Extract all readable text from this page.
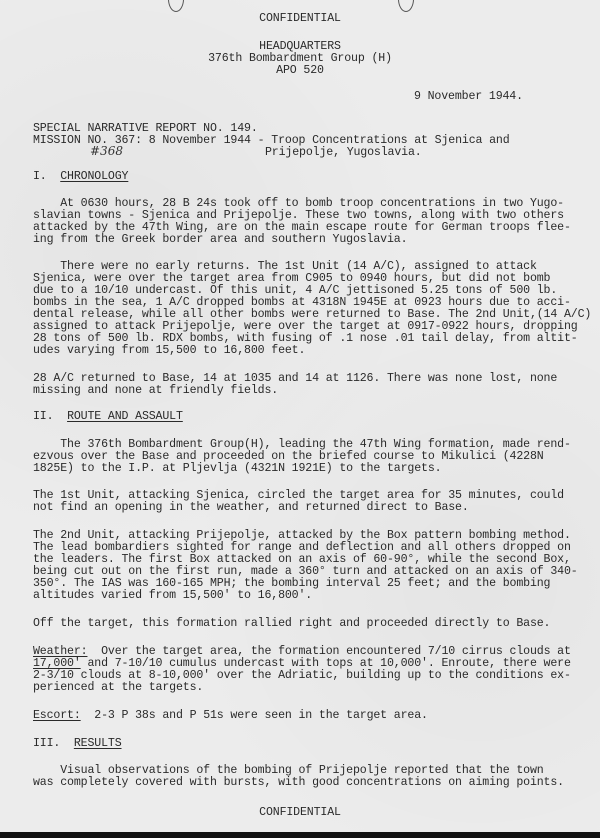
CONFIDENTIAL
HEADQUARTERS
376th Bombardment Group (H)
APO 520
9 November 1944.
SPECIAL NARRATIVE REPORT NO. 149.
MISSION NO. 367: 8 November 1944 - Troop Concentrations at Sjenica and
Prijepolje, Yugoslavia.
#368
I. CHRONOLOGY
At 0630 hours, 28 B 24s took off to bomb troop concentrations in two Yugo-
slavian towns - Sjenica and Prijepolje. These two towns, along with two others
attacked by the 47th Wing, are on the main escape route for German troops flee-
ing from the Greek border area and southern Yugoslavia.
There were no early returns. The 1st Unit (14 A/C), assigned to attack
Sjenica, were over the target area from C905 to 0940 hours, but did not bomb
due to a 10/10 undercast. Of this unit, 4 A/C jettisoned 5.25 tons of 500 lb.
bombs in the sea, 1 A/C dropped bombs at 4318N 1945E at 0923 hours due to acci-
dental release, while all other bombs were returned to Base. The 2nd Unit,(14 A/C)
assigned to attack Prijepolje, were over the target at 0917-0922 hours, dropping
28 tons of 500 lb. RDX bombs, with fusing of .1 nose .01 tail delay, from altit-
udes varying from 15,500 to 16,800 feet.
28 A/C returned to Base, 14 at 1035 and 14 at 1126. There was none lost, none
missing and none at friendly fields.
II. ROUTE AND ASSAULT
The 376th Bombardment Group(H), leading the 47th Wing formation, made rend-
ezvous over the Base and proceeded on the briefed course to Mikulici (4228N
1825E) to the I.P. at Pljevlja (4321N 1921E) to the targets.
The 1st Unit, attacking Sjenica, circled the target area for 35 minutes, could
not find an opening in the weather, and returned direct to Base.
The 2nd Unit, attacking Prijepolje, attacked by the Box pattern bombing method.
The lead bombardiers sighted for range and deflection and all others dropped on
the leaders. The first Box attacked on an axis of 60-90°, while the second Box,
being cut out on the first run, made a 360° turn and attacked on an axis of 340-
350°. The IAS was 160-165 MPH; the bombing interval 25 feet; and the bombing
altitudes varied from 15,500' to 16,800'.
Off the target, this formation rallied right and proceeded directly to Base.
Weather:  Over the target area, the formation encountered 7/10 cirrus clouds at
17,000' and 7-10/10 cumulus undercast with tops at 10,000'. Enroute, there were
2-3/10 clouds at 8-10,000' over the Adriatic, building up to the conditions ex-
perienced at the targets.
Escort:  2-3 P 38s and P 51s were seen in the target area.
III. RESULTS
Visual observations of the bombing of Prijepolje reported that the town
was completely covered with bursts, with good concentrations on aiming points.
CONFIDENTIAL
